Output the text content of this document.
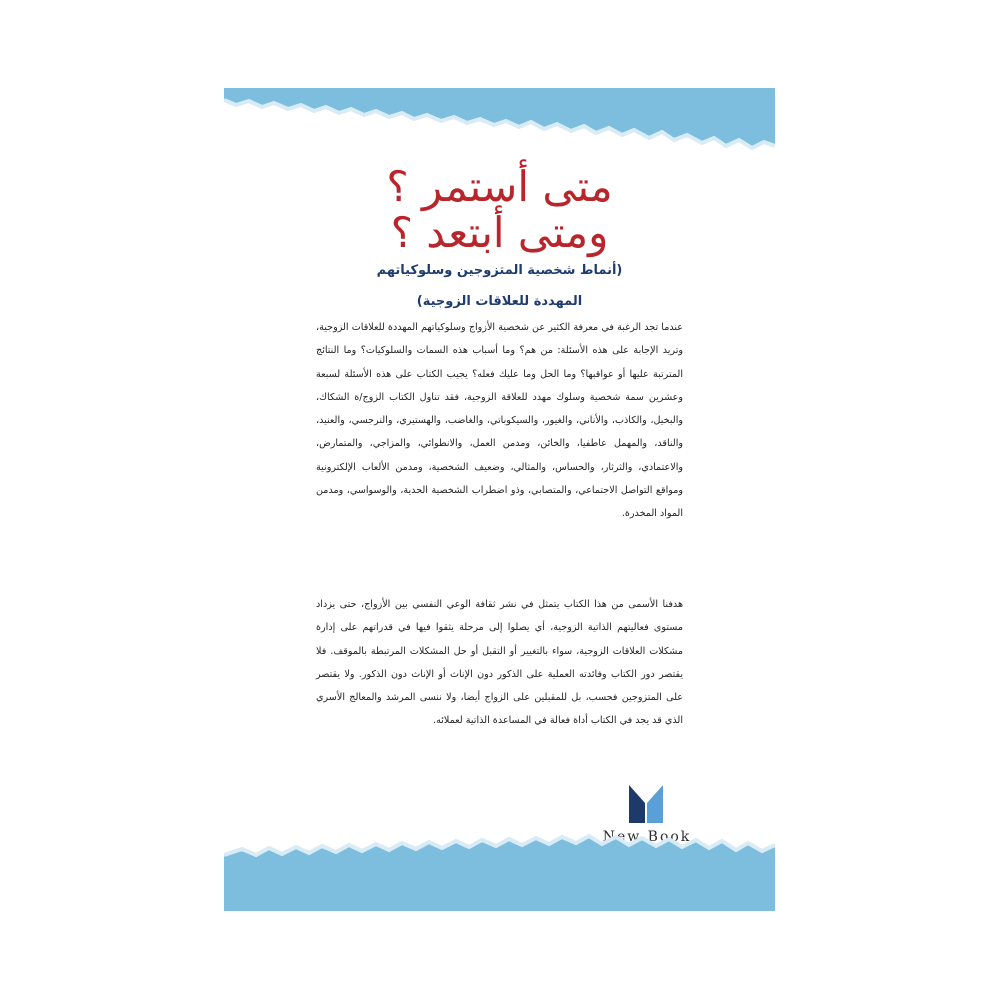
متى أستمر ؟
ومتى أبتعد ؟
(أنماط شخصية المتزوجين وسلوكياتهم
المهددة للعلاقات الزوجية)
عندما تجد الرغبة في معرفة الكثير عن شخصية الأزواج وسلوكياتهم المهددة للعلاقات الزوجية، وتريد الإجابة على هذه الأسئلة: من هم؟ وما أسباب هذه السمات والسلوكيات؟ وما النتائج المترتبة عليها أو عواقبها؟ وما الحل وما عليك فعله؟ يجيب الكتاب على هذه الأسئلة لسبعة وعشرين سمة شخصية وسلوك مهدد للعلاقة الزوجية، فقد تناول الكتاب الزوج/ة الشكاك، والبخيل، والكاذب، والأناني، والغيور، والسيكوباتي، والغاضب، والهستيري، والنرجسي، والعنيد، والناقد، والمهمل عاطفيا، والخائن، ومدمن العمل، والانطوائي، والمزاجي، والمتمارض، والاعتمادي، والثرثار، والحساس، والمثالي، وضعيف الشخصية، ومدمن الألعاب الإلكترونية ومواقع التواصل الاجتماعي، والمتصابي، وذو اضطراب الشخصية الحدية، والوسواسي، ومدمن المواد المخدرة.
هدفنا الأسمى من هذا الكتاب يتمثل في نشر ثقافة الوعي النفسي بين الأزواج، حتى يزداد مستوى فعاليتهم الذاتية الزوجية، أي يصلوا إلى مرحلة يثقوا فيها في قدراتهم على إدارة مشكلات العلاقات الزوجية، سواء بالتغيير أو التقبل أو حل المشكلات المرتبطة بالموقف. فلا يقتصر دور الكتاب وفائدته العملية على الذكور دون الإناث أو الإناث دون الذكور. ولا يقتصر على المتزوجين فحسب، بل للمقبلين على الزواج أيضا، ولا ننسى المرشد والمعالج الأسري الذي قد يجد في الكتاب أداة فعالة في المساعدة الذاتية لعملائه.
New Book
